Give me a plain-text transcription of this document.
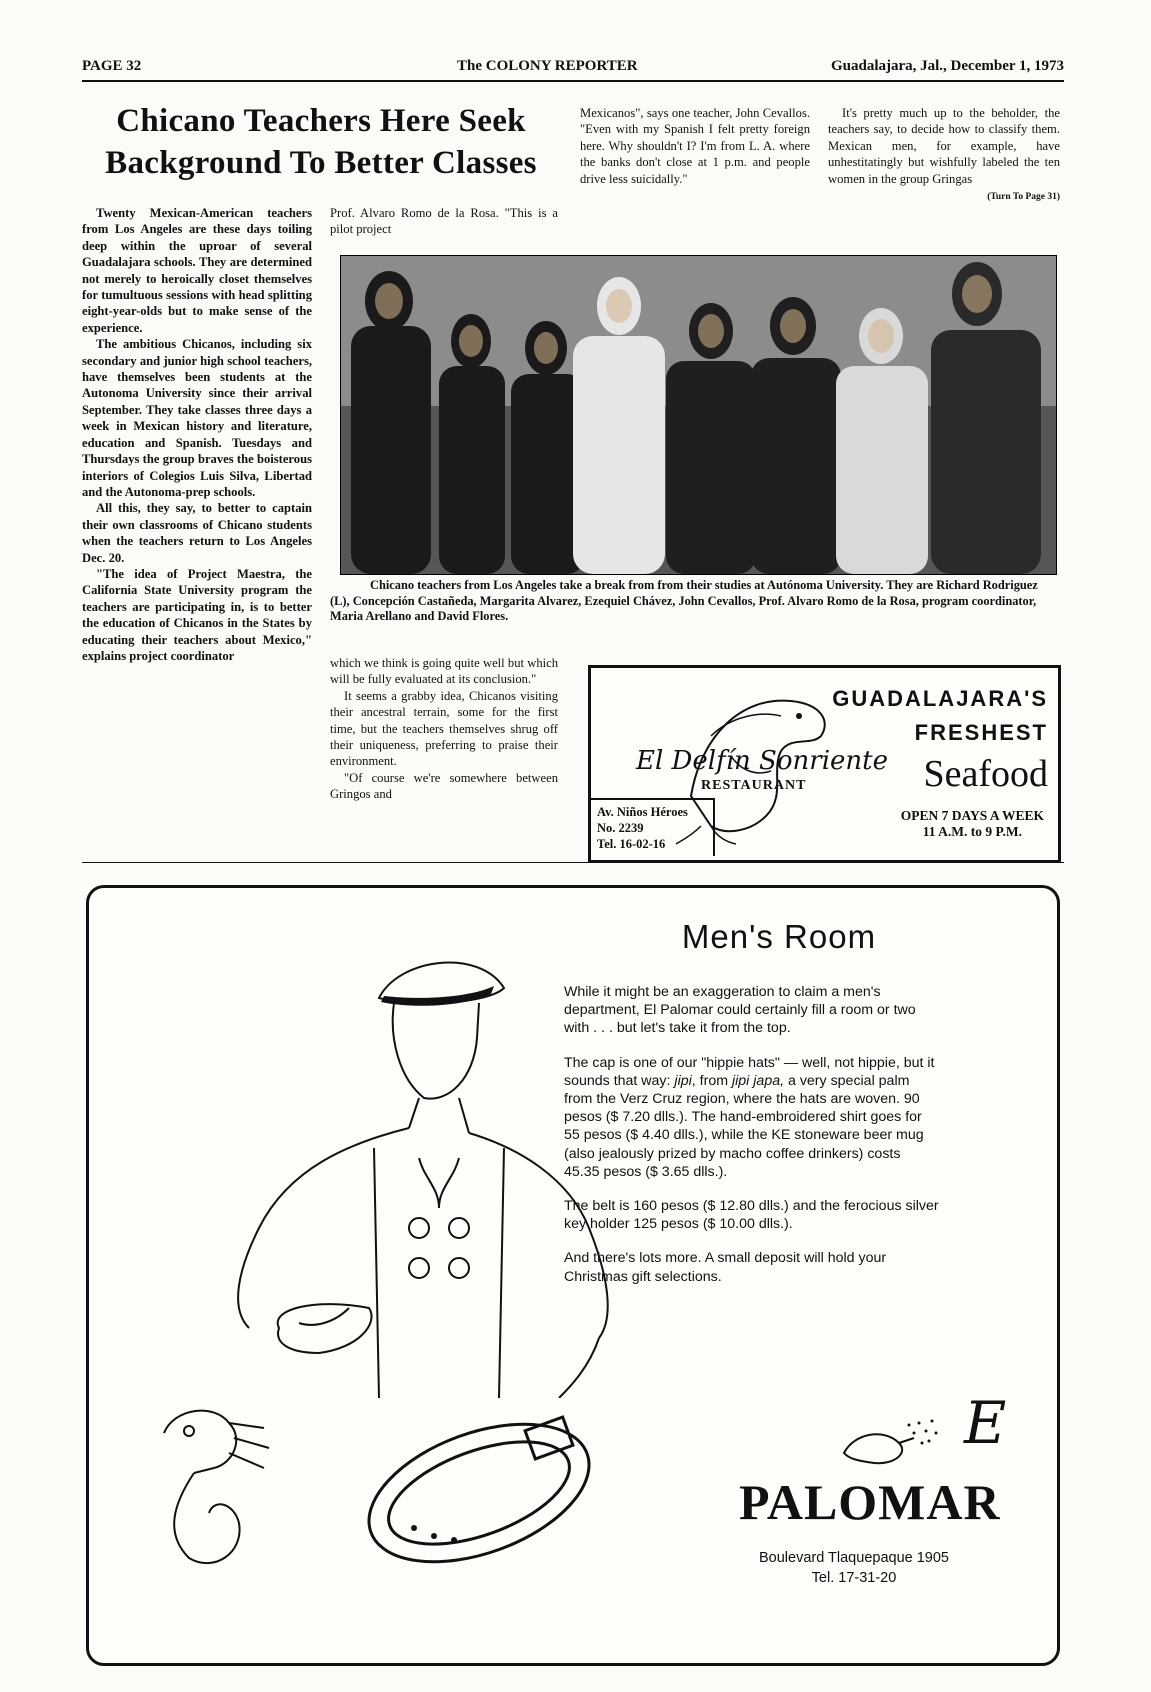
PAGE 32	The COLONY REPORTER	Guadalajara, Jal., December 1, 1973
Chicano Teachers Here Seek
Background To Better Classes

Twenty Mexican-American teachers from Los Angeles are these days toiling deep within the uproar of several Guadalajara schools. They are determined not merely to heroically closet themselves for tumultuous sessions with head splitting eight-year-olds but to make sense of the experience.

The ambitious Chicanos, including six secondary and junior high school teachers, have themselves been students at the Autonoma University since their arrival September. They take classes three days a week in Mexican history and literature, education and Spanish. Tuesdays and Thursdays the group braves the boisterous interiors of Colegios Luis Silva, Libertad and the Autonoma-prep schools.

All this, they say, to better to captain their own classrooms of Chicano students when the teachers return to Los Angeles Dec. 20.

"The idea of Project Maestra, the California State University program the teachers are participating in, is to better the education of Chicanos in the States by educating their teachers about Mexico," explains project coordinator

Prof. Alvaro Romo de la Rosa. "This is a pilot project

Mexicanos", says one teacher, John Cevallos. "Even with my Spanish I felt pretty foreign here. Why shouldn't I? I'm from L. A. where the banks don't close at 1 p.m. and people drive less suicidally."

It's pretty much up to the beholder, the teachers say, to decide how to classify them. Mexican men, for example, have unhestitatingly but wishfully labeled the ten women in the group Gringas

(Turn To Page 31)
Chicano teachers from Los Angeles take a break from from their studies at Autónoma University. They are Richard Rodriguez (L), Concepción Castañeda, Margarita Alvarez, Ezequiel Chávez, John Cevallos, Prof. Alvaro Romo de la Rosa, program coordinator, Maria Arellano and David Flores.

which we think is going quite well but which will be fully evaluated at its conclusion."

It seems a grabby idea, Chicanos visiting their ancestral terrain, some for the first time, but the teachers themselves shrug off their uniqueness, preferring to praise their environment.

"Of course we're somewhere between Gringos and

El Delfín Sonriente
RESTAURANT
GUADALAJARA'S
FRESHEST
Seafood
Av. Niños Héroes
No. 2239
Tel. 16-02-16
OPEN 7 DAYS A WEEK
11 A.M. to 9 P.M.
Men's Room

While it might be an exaggeration to claim a men's department, El Palomar could certainly fill a room or two with . . . but let's take it from the top.

The cap is one of our "hippie hats" — well, not hippie, but it sounds that way: jipi, from jipi japa, a very special palm from the Verz Cruz region, where the hats are woven. 90 pesos ($ 7.20 dlls.). The hand-embroidered shirt goes for 55 pesos ($ 4.40 dlls.), while the KE stoneware beer mug (also jealously prized by macho coffee drinkers) costs 45.35 pesos ($ 3.65 dlls.).

The belt is 160 pesos ($ 12.80 dlls.) and the ferocious silver key holder 125 pesos ($ 10.00 dlls.).

And there's lots more. A small deposit will hold your Christmas gift selections.

E
PALOMAR
Boulevard Tlaquepaque 1905
Tel. 17-31-20
